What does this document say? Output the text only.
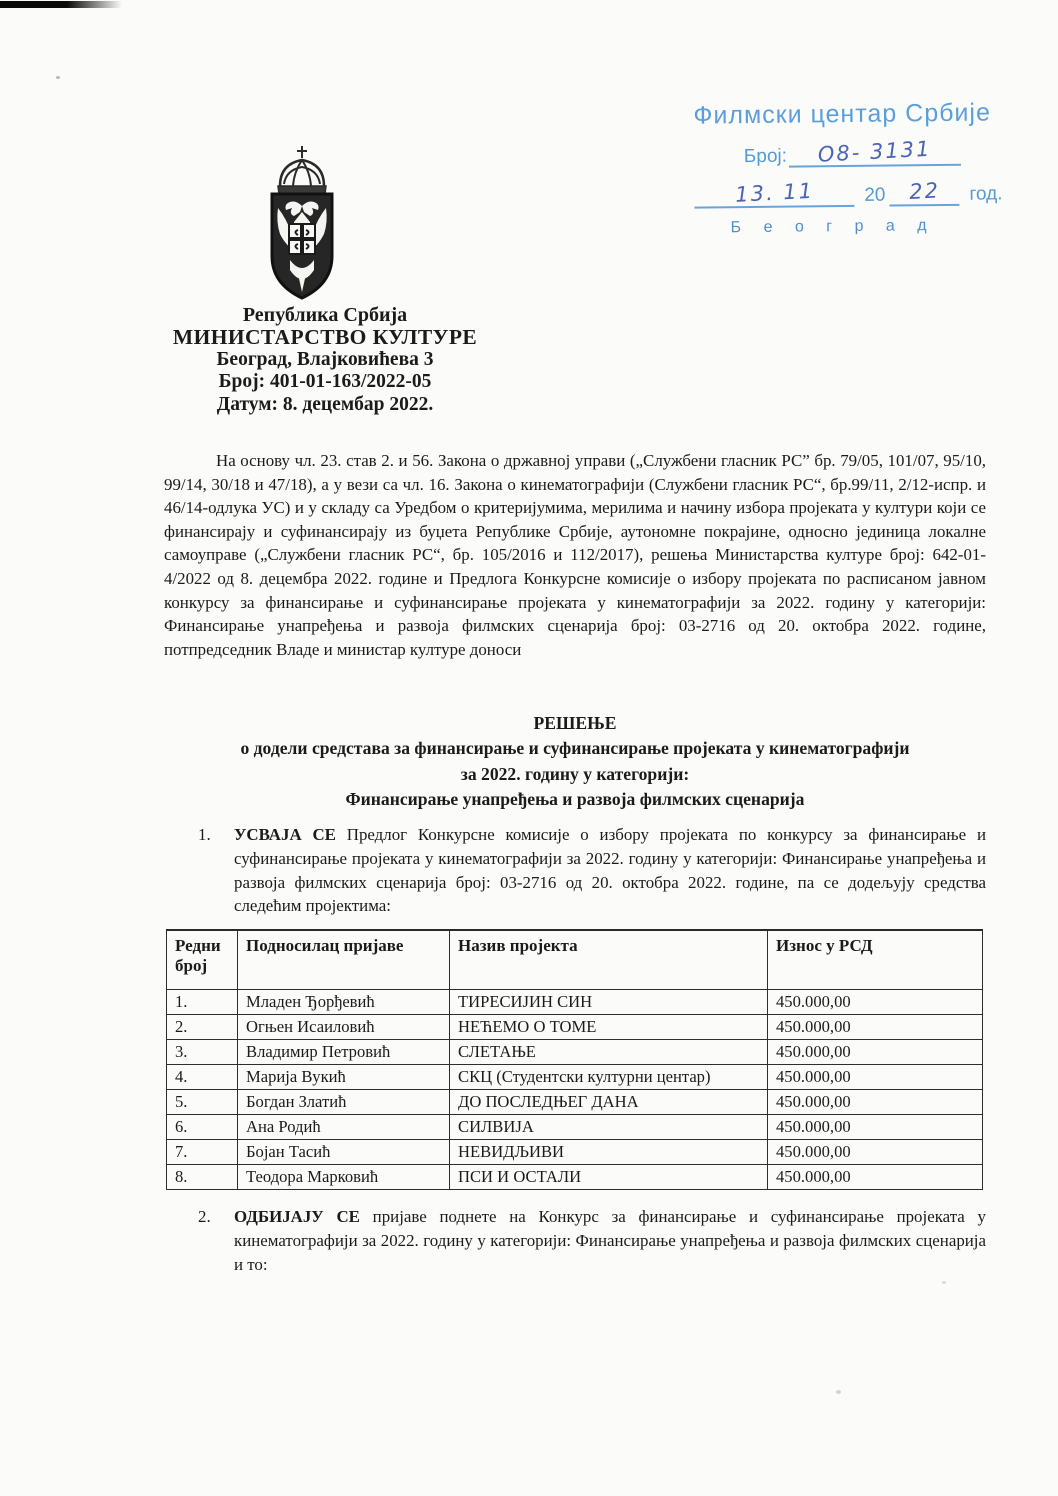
Филмски центар Србије
Број: О8- 3131
13. 11	20 22 год.
Б е о г р а д
Република Србија
МИНИСТАРСТВО КУЛТУРЕ
Београд, Влајковићева 3
Број: 401-01-163/2022-05
Датум: 8. децембар 2022.

На основу чл. 23. став 2. и 56. Закона о државној управи („Службени гласник РС” бр. 79/05, 101/07, 95/10, 99/14, 30/18 и 47/18), а у вези са чл. 16. Закона о кинематографији (Службени гласник РС“, бр.99/11, 2/12-испр. и 46/14-одлука УС) и у складу са Уредбом о критеријумима, мерилима и начину избора пројеката у култури који се финансирају и суфинансирају из буџета Републике Србије, аутономне покрајине, односно јединица локалне самоуправе („Службени гласник РС“, бр. 105/2016 и 112/2017), решења Министарства културе број: 642-01-4/2022 од 8. децембра 2022. године и Предлога Конкурсне комисије о избору пројеката по расписаном јавном конкурсу за финансирање и суфинансирање пројеката у кинематографији за 2022. годину у категорији: Финансирање унапређења и развоја филмских сценарија број: 03-2716 од 20. октобра 2022. године, потпредседник Владе и министар културе доноси

РЕШЕЊЕ
о додели средстава за финансирање и суфинансирање пројеката у кинематографији
за 2022. годину у категорији:
Финансирање унапређења и развоја филмских сценарија
1. УСВАЈА СЕ Предлог Конкурсне комисије о избору пројеката по конкурсу за финансирање и суфинансирање пројеката у кинематографији за 2022. годину у категорији: Финансирање унапређења и развоја филмских сценарија број: 03-2716 од 20. октобра 2022. године, па се додељују средства следећим пројектима:
Редни број	Подносилац пријаве	Назив пројекта	Износ у РСД
1.	Младен Ђорђевић	ТИРЕСИЈИН СИН	450.000,00
2.	Огњен Исаиловић	НЕЋЕМО О ТОМЕ	450.000,00
3.	Владимир Петровић	СЛЕТАЊЕ	450.000,00
4.	Марија Вукић	СКЦ (Студентски културни центар)	450.000,00
5.	Богдан Златић	ДО ПОСЛЕДЊЕГ ДАНА	450.000,00
6.	Ана Родић	СИЛВИЈА	450.000,00
7.	Бојан Тасић	НЕВИДЉИВИ	450.000,00
8.	Теодора Марковић	ПСИ И ОСТАЛИ	450.000,00
2. ОДБИЈАЈУ СЕ пријаве поднете на Конкурс за финансирање и суфинансирање пројеката у кинематографији за 2022. годину у категорији: Финансирање унапређења и развоја филмских сценарија и то:
